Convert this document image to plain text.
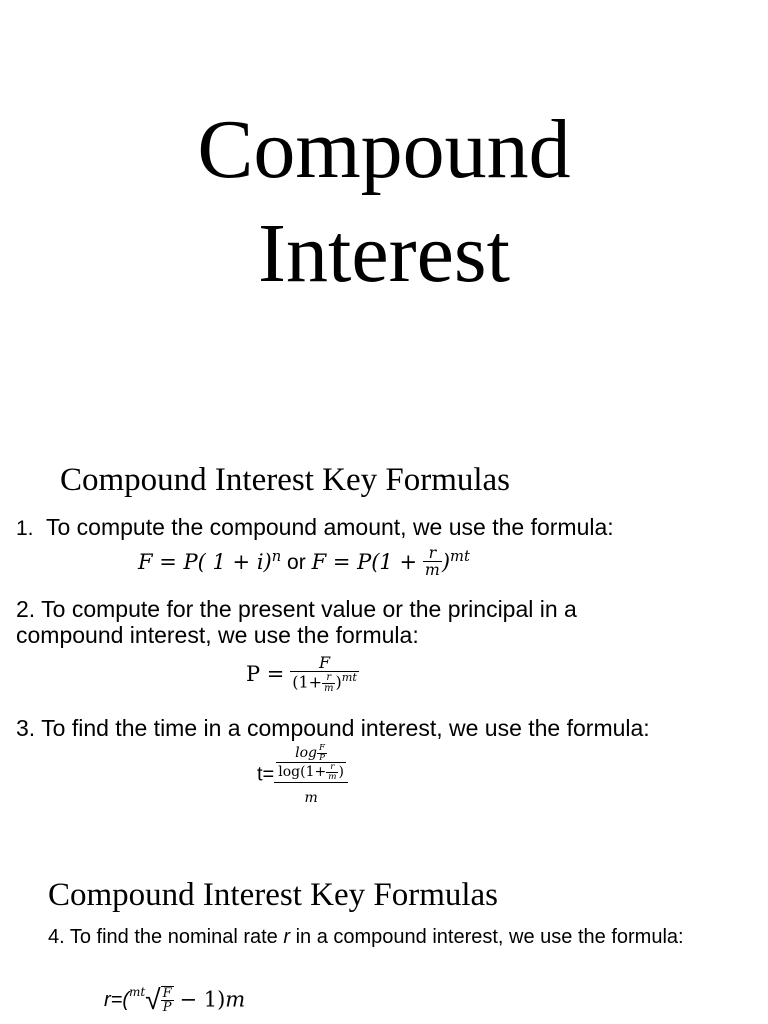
Compound
Interest
Compound Interest Key Formulas
1. To compute the compound amount, we use the formula:
F = P( 1 + i)$^n$ or $F = P(1 + \frac{r}{m} )^{mt}$
2. To compute for the present value or the principal in a compound interest, we use the formula:
$P = \frac{F}{(1+ \frac{r}{m} )^{mt}}$
3. To find the time in a compound interest, we use the formula:
$t= \frac{\frac{\log \frac{F}{P}}{\log(1+ \frac{r}{m} )}}{m}$
Compound Interest Key Formulas
4. To find the nominal rate r in a compound interest, we use the formula:
$r=(^{mt}√ \frac{F}{P} - 1)m$
